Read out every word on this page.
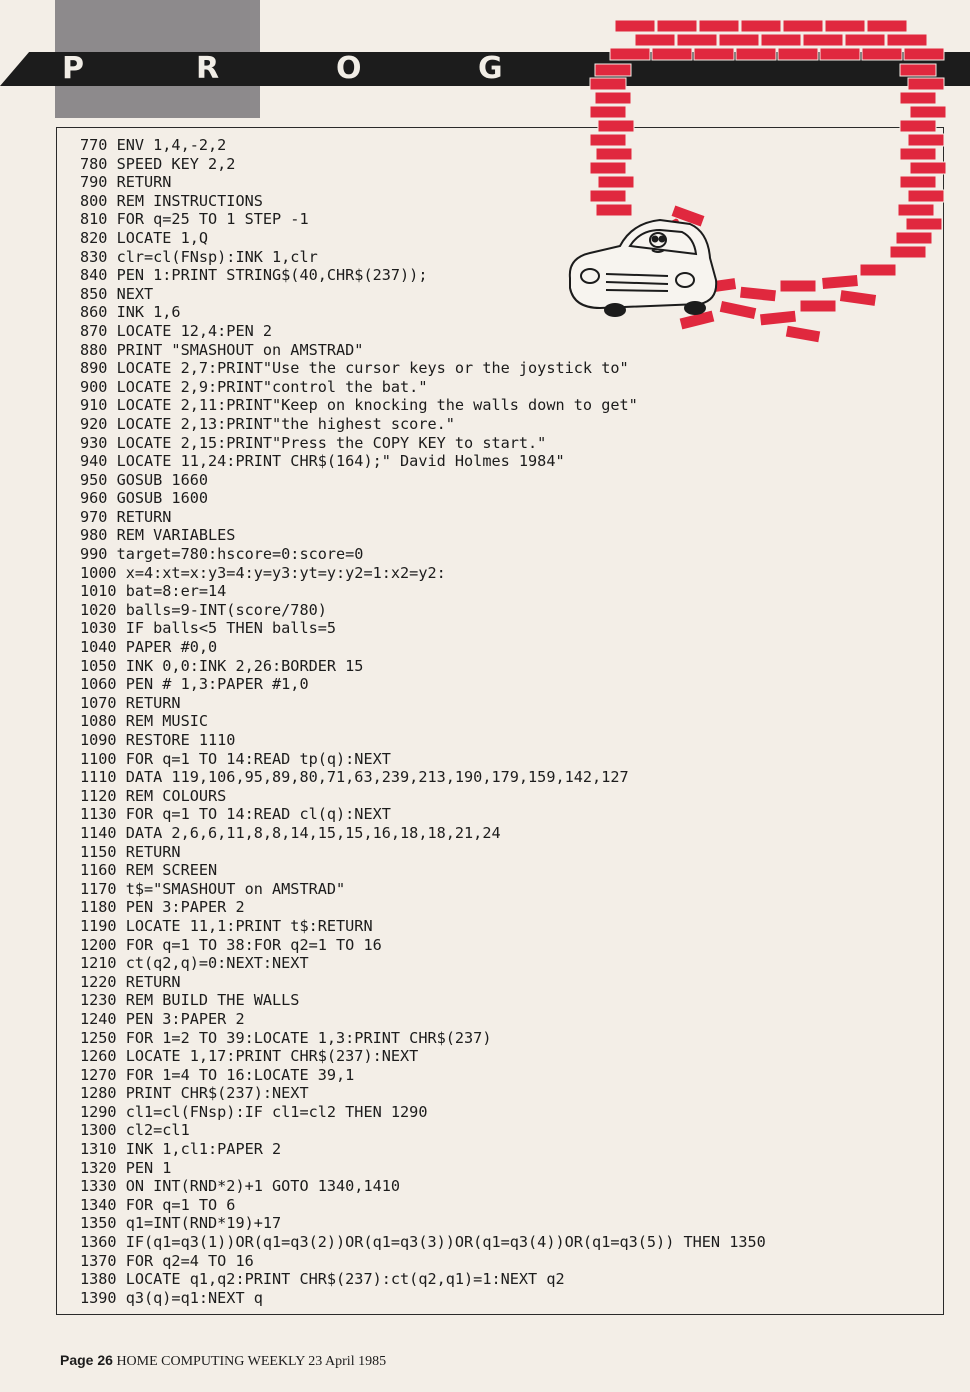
P	R	O	G
770 ENV 1,4,-2,2
780 SPEED KEY 2,2
790 RETURN
800 REM INSTRUCTIONS
810 FOR q=25 TO 1 STEP -1
820 LOCATE 1,Q
830 clr=cl(FNsp):INK 1,clr
840 PEN 1:PRINT STRING$(40,CHR$(237));
850 NEXT
860 INK 1,6
870 LOCATE 12,4:PEN 2
880 PRINT "SMASHOUT on AMSTRAD"
890 LOCATE 2,7:PRINT"Use the cursor keys or the joystick to"
900 LOCATE 2,9:PRINT"control the bat."
910 LOCATE 2,11:PRINT"Keep on knocking the walls down to get"
920 LOCATE 2,13:PRINT"the highest score."
930 LOCATE 2,15:PRINT"Press the COPY KEY to start."
940 LOCATE 11,24:PRINT CHR$(164);" David Holmes 1984"
950 GOSUB 1660
960 GOSUB 1600
970 RETURN
980 REM VARIABLES
990 target=780:hscore=0:score=0
1000 x=4:xt=x:y3=4:y=y3:yt=y:y2=1:x2=y2:
1010 bat=8:er=14
1020 balls=9-INT(score/780)
1030 IF balls<5 THEN balls=5
1040 PAPER #0,0
1050 INK 0,0:INK 2,26:BORDER 15
1060 PEN # 1,3:PAPER #1,0
1070 RETURN
1080 REM MUSIC
1090 RESTORE 1110
1100 FOR q=1 TO 14:READ tp(q):NEXT
1110 DATA 119,106,95,89,80,71,63,239,213,190,179,159,142,127
1120 REM COLOURS
1130 FOR q=1 TO 14:READ cl(q):NEXT
1140 DATA 2,6,6,11,8,8,14,15,15,16,18,18,21,24
1150 RETURN
1160 REM SCREEN
1170 t$="SMASHOUT on AMSTRAD"
1180 PEN 3:PAPER 2
1190 LOCATE 11,1:PRINT t$:RETURN
1200 FOR q=1 TO 38:FOR q2=1 TO 16
1210 ct(q2,q)=0:NEXT:NEXT
1220 RETURN
1230 REM BUILD THE WALLS
1240 PEN 3:PAPER 2
1250 FOR 1=2 TO 39:LOCATE 1,3:PRINT CHR$(237)
1260 LOCATE 1,17:PRINT CHR$(237):NEXT
1270 FOR 1=4 TO 16:LOCATE 39,1
1280 PRINT CHR$(237):NEXT
1290 cl1=cl(FNsp):IF cl1=cl2 THEN 1290
1300 cl2=cl1
1310 INK 1,cl1:PAPER 2
1320 PEN 1
1330 ON INT(RND*2)+1 GOTO 1340,1410
1340 FOR q=1 TO 6
1350 q1=INT(RND*19)+17
1360 IF(q1=q3(1))OR(q1=q3(2))OR(q1=q3(3))OR(q1=q3(4))OR(q1=q3(5)) THEN 1350
1370 FOR q2=4 TO 16
1380 LOCATE q1,q2:PRINT CHR$(237):ct(q2,q1)=1:NEXT q2
1390 q3(q)=q1:NEXT q
Page 26 HOME COMPUTING WEEKLY 23 April 1985
